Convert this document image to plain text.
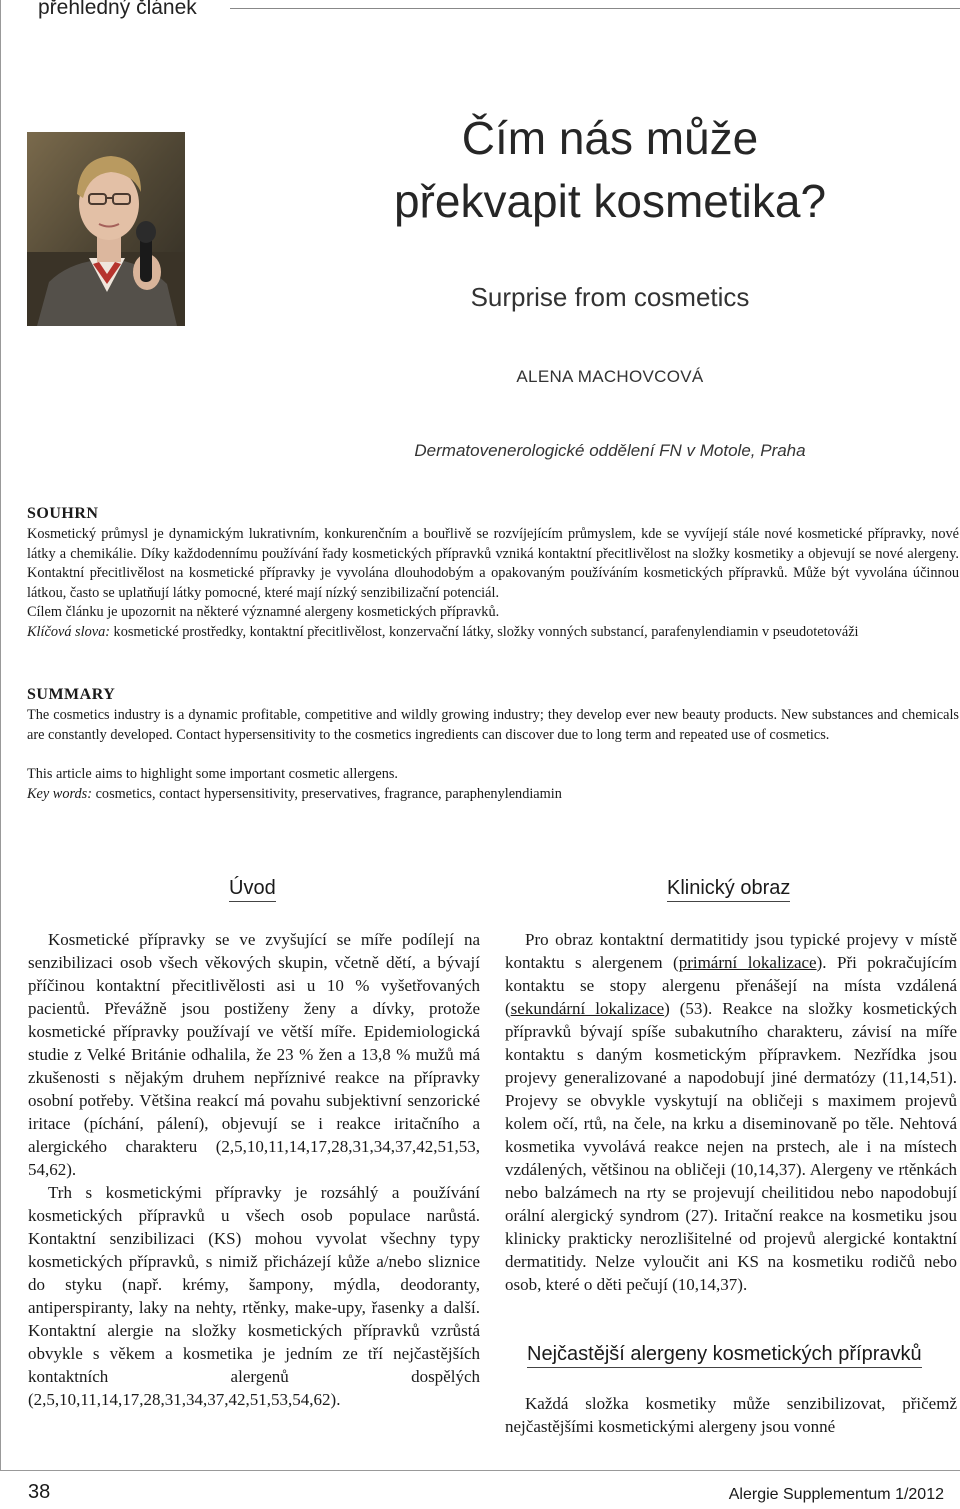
přehledný článek
Čím nás může
překvapit kosmetika?
Surprise from cosmetics
ALENA MACHOVCOVÁ
Dermatovenerologické oddělení FN v Motole, Praha
SOUHRN
Kosmetický průmysl je dynamickým lukrativním, konkurenčním a bouřlivě se rozvíjejícím průmyslem, kde se vyvíjejí stále nové kosmetické přípravky, nové látky a chemikálie. Díky každodennímu používání řady kosmetických přípravků vzniká kontaktní přecitlivělost na složky kosmetiky a objevují se nové alergeny. Kontaktní přecitlivělost na kosmetické přípravky je vyvolána dlouhodobým a opakovaným používáním kosmetických přípravků. Může být vyvolána účinnou látkou, často se uplatňují látky pomocné, které mají nízký senzibilizační potenciál.
Cílem článku je upozornit na některé významné alergeny kosmetických přípravků.
Klíčová slova: kosmetické prostředky, kontaktní přecitlivělost, konzervační látky, složky vonných substancí, parafenylendiamin v pseudotetováži
SUMMARY
The cosmetics industry is a dynamic profitable, competitive and wildly growing industry; they develop ever new beauty products. New substances and chemicals are constantly developed. Contact hypersensitivity to the cosmetics ingredients can discover due to long term and repeated use of cosmetics.
This article aims to highlight some important cosmetic allergens.
Key words: cosmetics, contact hypersensitivity, preservatives, fragrance, paraphenylendiamin
Úvod

Kosmetické přípravky se ve zvyšující se míře podílejí na senzibilizaci osob všech věkových skupin, včetně dětí, a bývají příčinou kontaktní přecitlivělosti asi u 10 % vyšetřovaných pacientů. Převážně jsou postiženy ženy a dívky, protože kosmetické přípravky používají ve větší míře. Epidemiologická studie z Velké Británie odhalila, že 23 % žen a 13,8 % mužů má zkušenosti s nějakým druhem nepříznivé reakce na přípravky osobní potřeby. Většina reakcí má povahu subjektivní senzorické iritace (píchání, pálení), objevují se i reakce iritačního a alergického charakteru (2,5,10,11,14,17,28,31,34,37,42,51,53, 54,62).

Trh s kosmetickými přípravky je rozsáhlý a používání kosmetických přípravků u všech osob populace narůstá. Kontaktní senzibilizaci (KS) mohou vyvolat všechny typy kosmetických přípravků, s nimiž přicházejí kůže a/nebo sliznice do styku (např. krémy, šampony, mýdla, deodoranty, antiperspiranty, laky na nehty, rtěnky, make-upy, řasenky a další. Kontaktní alergie na složky kosmetických přípravků vzrůstá obvykle s věkem a kosmetika je jedním ze tří nejčastějších kontaktních alergenů dospělých (2,5,10,11,14,17,28,31,34,37,42,51,53,54,62).

Klinický obraz

Pro obraz kontaktní dermatitidy jsou typické projevy v místě kontaktu s alergenem (primární lokalizace). Při pokračujícím kontaktu se stopy alergenu přenášejí na místa vzdálená (sekundární lokalizace) (53). Reakce na složky kosmetických přípravků bývají spíše subakutního charakteru, závisí na míře kontaktu s daným kosmetickým přípravkem. Nezřídka jsou projevy generalizované a napodobují jiné dermatózy (11,14,51). Projevy se obvykle vyskytují na obličeji s maximem projevů kolem očí, rtů, na čele, na krku a diseminovaně po těle. Nehtová kosmetika vyvolává reakce nejen na prstech, ale i na místech vzdálených, většinou na obličeji (10,14,37). Alergeny ve rtěnkách nebo balzámech na rty se projevují cheilitidou nebo napodobují orální alergický syndrom (27). Iritační reakce na kosmetiku jsou klinicky prakticky nerozlišitelné od projevů alergické kontaktní dermatitidy. Nelze vyloučit ani KS na kosmetiku rodičů nebo osob, které o děti pečují (10,14,37).

Nejčastější alergeny kosmetických přípravků

Každá složka kosmetiky může senzibilizovat, přičemž nejčastějšími kosmetickými alergeny jsou vonné

38	Alergie Supplementum 1/2012
